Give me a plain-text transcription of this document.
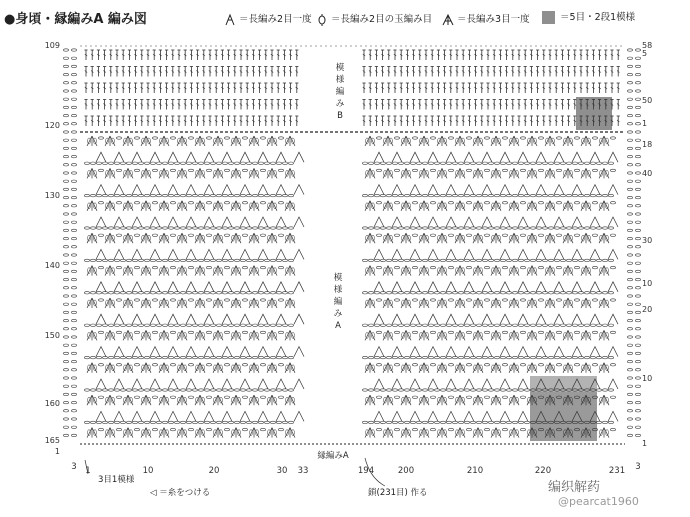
●身頃・縁編みA 編み図	＝長編み2目一度	＝長編み2目の玉編み目	＝長編み3目一度	＝5目・2段1模様
模
様
編
み
B
模
様
編
み
A
縁編みA
109
120
130
140
150
160
165
1
58
5
50
1
18
40
30
10
20
10
1
3 1	10	20	30 33	194	200	210	220	231 3
3目1模様
◁ ＝糸をつける	鎖(231目) 作る	编织解药
@pearcat1960
